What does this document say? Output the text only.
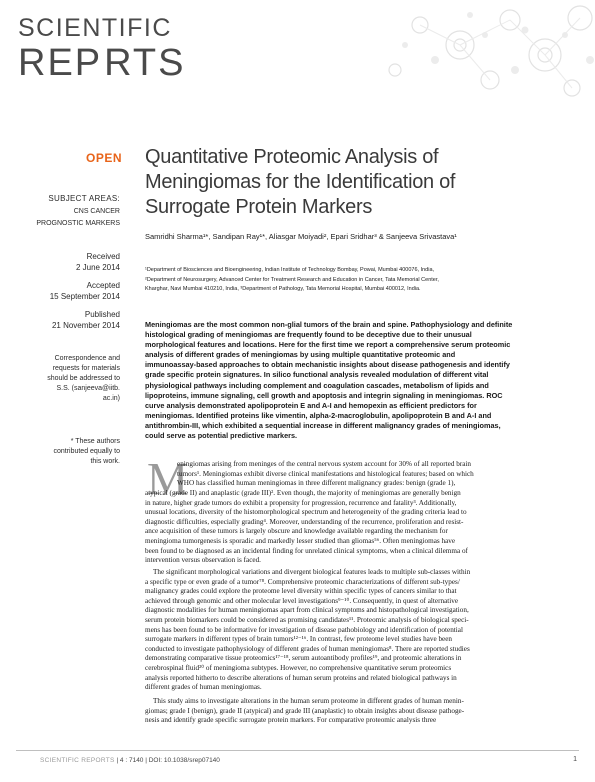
SCIENTIFIC
REP RTS
OPEN
SUBJECT AREAS:
CNS CANCER
PROGNOSTIC MARKERS
Received
2 June 2014
Accepted
15 September 2014
Published
21 November 2014
Correspondence and
requests for materials
should be addressed to
S.S. (sanjeeva@iitb.
ac.in)
* These authors
contributed equally to
this work.
Quantitative Proteomic Analysis of
Meningiomas for the Identification of
Surrogate Protein Markers
Samridhi Sharma¹*, Sandipan Ray¹*, Aliasgar Moiyadi², Epari Sridhar³ & Sanjeeva Srivastava¹
¹Department of Biosciences and Bioengineering, Indian Institute of Technology Bombay, Powai, Mumbai 400076, India,
²Department of Neurosurgery, Advanced Center for Treatment Research and Education in Cancer, Tata Memorial Center,
Kharghar, Navi Mumbai 410210, India, ³Department of Pathology, Tata Memorial Hospital, Mumbai 400012, India.
Meningiomas are the most common non-glial tumors of the brain and spine. Pathophysiology and definite
histological grading of meningiomas are frequently found to be deceptive due to their unusual
morphological features and locations. Here for the first time we report a comprehensive serum proteomic
analysis of different grades of meningiomas by using multiple quantitative proteomic and
immunoassay-based approaches to obtain mechanistic insights about disease pathogenesis and identify
grade specific protein signatures. In silico functional analysis revealed modulation of different vital
physiological pathways including complement and coagulation cascades, metabolism of lipids and
lipoproteins, immune signaling, cell growth and apoptosis and integrin signaling in meningiomas. ROC
curve analysis demonstrated apolipoprotein E and A-I and hemopexin as efficient predictors for
meningiomas. Identified proteins like vimentin, alpha-2-macroglobulin, apolipoprotein B and A-I and
antithrombin-III, which exhibited a sequential increase in different malignancy grades of meningiomas,
could serve as potential predictive markers.
M
eningiomas arising from meninges of the central nervous system account for 30% of all reported brain
tumors¹. Meningiomas exhibit diverse clinical manifestations and histological features; based on which
WHO has classified human meningiomas in three different malignancy grades: benign (grade 1),
atypical (grade II) and anaplastic (grade III)². Even though, the majority of meningiomas are generally benign
in nature, higher grade tumors do exhibit a propensity for progression, recurrence and fatality³. Additionally,
unusual locations, diversity of the histomorphological spectrum and heterogeneity of the grading criteria lead to
diagnostic difficulties, especially grading⁴. Moreover, understanding of the recurrence, proliferation and resist-
ance acquisition of these tumors is largely obscure and knowledge available regarding the mechanism for
meningioma tumorgenesis is sporadic and markedly lesser studied than gliomas⁵⁶. Often meningiomas have
been found to be diagnosed as an incidental finding for unrelated clinical symptoms, when a clinical dilemma of
intervention versus observation is faced.
The significant morphological variations and divergent biological features leads to multiple sub-classes within
a specific type or even grade of a tumor⁷⁸. Comprehensive proteomic characterizations of different sub-types/
malignancy grades could explore the proteome level diversity within specific types of cancers similar to that
achieved through genomic and other molecular level investigations⁹⁻¹⁰. Consequently, in quest of alternative
diagnostic modalities for human meningiomas apart from clinical symptoms and histopathological investigation,
serum protein biomarkers could be considered as promising candidates¹¹. Proteomic analysis of biological speci-
mens has been found to be informative for investigation of disease pathobiology and identification of potential
surrogate markers in different types of brain tumors¹²⁻¹⁶. In contrast, few proteome level studies have been
conducted to investigate pathophysiology of different grades of human meningiomas⁸. There are reported studies
demonstrating comparative tissue proteomics¹⁷⁻¹⁸, serum autoantibody profiles¹⁹, and proteomic alterations in
cerebrospinal fluid²⁰ of meningioma subtypes. However, no comprehensive quantitative serum proteomics
analysis reported hitherto to describe alterations of human serum proteins and related biological pathways in
different grades of human meningiomas.
This study aims to investigate alterations in the human serum proteome in different grades of human menin-
giomas; grade I (benign), grade II (atypical) and grade III (anaplastic) to obtain insights about disease pathoge-
nesis and identify grade specific surrogate protein markers. For comparative proteomic analysis three
SCIENTIFIC REPORTS | 4 : 7140 | DOI: 10.1038/srep07140	1
